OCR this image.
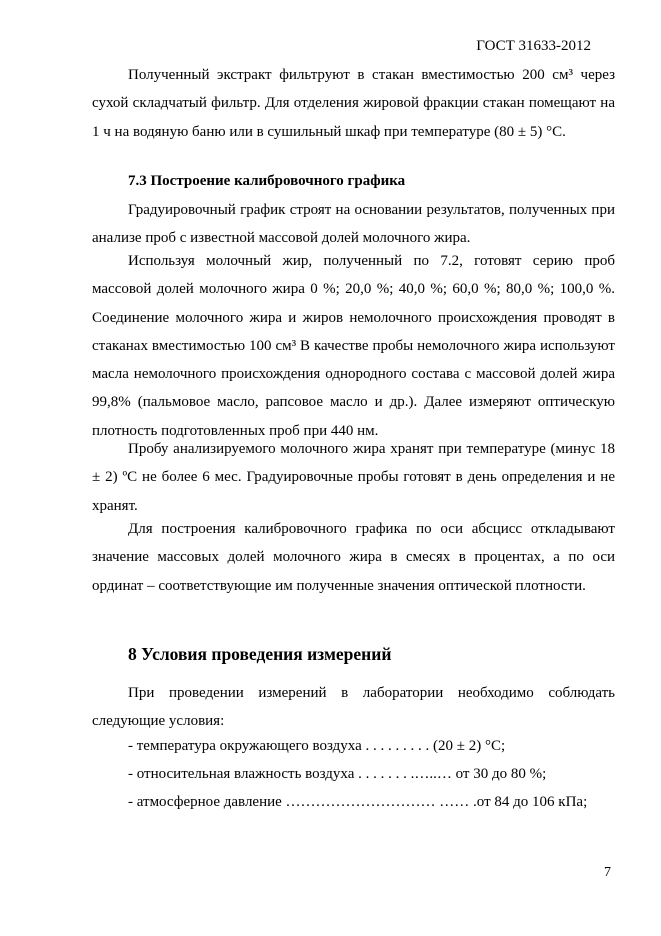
ГОСТ 31633-2012

Полученный экстракт фильтруют в стакан вместимостью 200 см³ через сухой складчатый фильтр. Для отделения жировой фракции стакан помещают на 1 ч на водяную баню или в сушильный шкаф при температуре (80 ± 5) °С.

7.3 Построение калибровочного графика

Градуировочный график строят на основании результатов, полученных при анализе проб с известной массовой долей молочного жира.

Используя молочный жир, полученный по 7.2, готовят серию проб массовой долей молочного жира 0 %; 20,0 %; 40,0 %; 60,0 %; 80,0 %; 100,0 %. Соединение молочного жира и жиров немолочного происхождения проводят в стаканах вместимостью 100 см³ В качестве пробы немолочного жира используют масла немолочного происхождения однородного состава с массовой долей жира 99,8% (пальмовое масло, рапсовое масло и др.). Далее измеряют оптическую плотность подготовленных проб при 440 нм.

Пробу анализируемого молочного жира хранят при температуре (минус 18 ± 2) ºС не более 6 мес. Градуировочные пробы готовят в день определения и не хранят.

Для построения калибровочного графика по оси абсцисс откладывают значение массовых долей молочного жира в смесях в процентах, а по оси ординат – соответствующие им полученные значения оптической плотности.

8 Условия проведения измерений

При проведении измерений в лаборатории необходимо соблюдать следующие условия:

- температура окружающего воздуха . . . . . . . . . (20 ± 2) °С;

- относительная влажность воздуха . . . . . . . .…..… от 30 до 80 %;

- атмосферное давление ………………………… …… .от 84 до 106 кПа;

7
